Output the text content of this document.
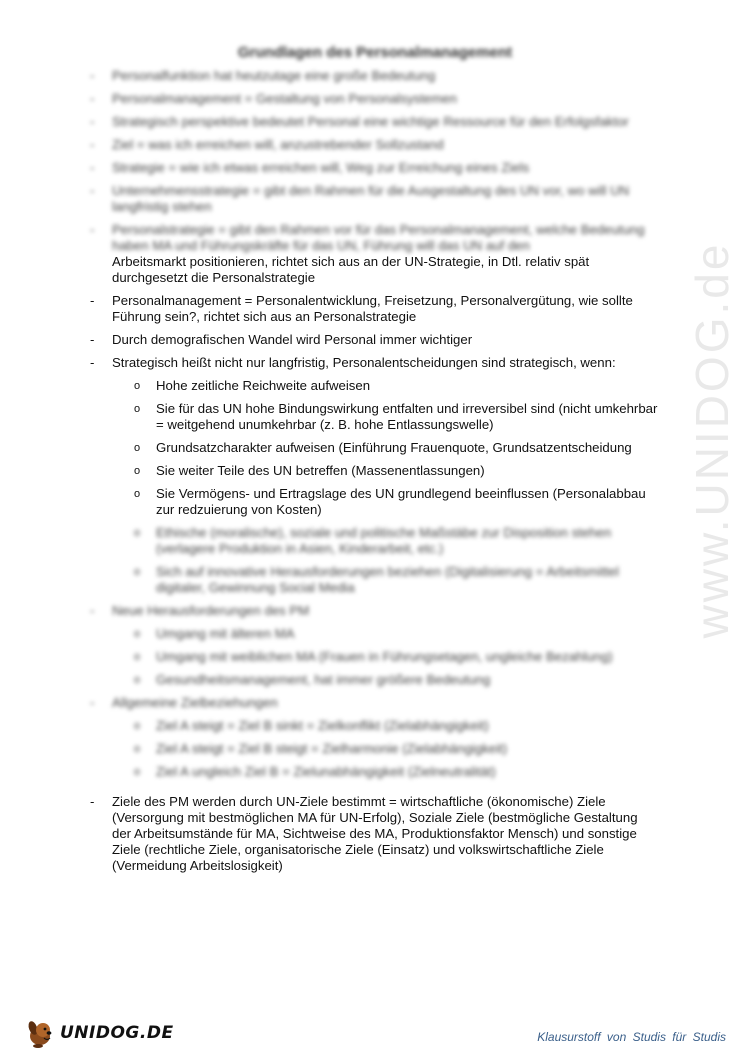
www.UNIDOG.de
Grundlagen des Personalmanagement
- Personalfunktion hat heutzutage eine große Bedeutung
- Personalmanagement = Gestaltung von Personalsystemen
- Strategisch perspektive bedeutet Personal eine wichtige Ressource für den Erfolgsfaktor
- Ziel = was ich erreichen will, anzustrebender Sollzustand
- Strategie = wie ich etwas erreichen will, Weg zur Erreichung eines Ziels
- Unternehmensstrategie = gibt den Rahmen für die Ausgestaltung des UN vor, wo will UN langfristig stehen
- Personalstrategie = gibt den Rahmen vor für das Personalmanagement, welche Bedeutung haben MA und Führungskräfte für das UN, Führung will das UN auf den
Arbeitsmarkt positionieren, richtet sich aus an der UN-Strategie, in Dtl. relativ spät durchgesetzt die Personalstrategie
- Personalmanagement = Personalentwicklung, Freisetzung, Personalvergütung, wie sollte Führung sein?, richtet sich aus an Personalstrategie
- Durch demografischen Wandel wird Personal immer wichtiger
- Strategisch heißt nicht nur langfristig, Personalentscheidungen sind strategisch, wenn:
o Hohe zeitliche Reichweite aufweisen
o Sie für das UN hohe Bindungswirkung entfalten und irreversibel sind (nicht umkehrbar = weitgehend unumkehrbar (z. B. hohe Entlassungswelle)
o Grundsatzcharakter aufweisen (Einführung Frauenquote, Grundsatzentscheidung
o Sie weiter Teile des UN betreffen (Massenentlassungen)
o Sie Vermögens- und Ertragslage des UN grundlegend beeinflussen (Personalabbau zur redzuierung von Kosten)
o Ethische (moralische), soziale und politische Maßstäbe zur Disposition stehen (verlagere Produktion in Asien, Kinderarbeit, etc.)
o Sich auf innovative Herausforderungen beziehen (Digitalisierung = Arbeitsmittel digitaler, Gewinnung Social Media
- Neue Herausforderungen des PM
o Umgang mit älteren MA
o Umgang mit weiblichen MA (Frauen in Führungsetagen, ungleiche Bezahlung)
o Gesundheitsmanagement, hat immer größere Bedeutung
- Allgemeine Zielbeziehungen
o Ziel A steigt = Ziel B sinkt = Zielkonflikt (Zielabhängigkeit)
o Ziel A steigt = Ziel B steigt = Zielharmonie (Zielabhängigkeit)
o Ziel A ungleich Ziel B = Zielunabhängigkeit (Zielneutralität)
- Ziele des PM werden durch UN-Ziele bestimmt = wirtschaftliche (ökonomische) Ziele (Versorgung mit bestmöglichen MA für UN-Erfolg), Soziale Ziele (bestmögliche Gestaltung der Arbeitsumstände für MA, Sichtweise des MA, Produktionsfaktor Mensch) und sonstige Ziele (rechtliche Ziele, organisatorische Ziele (Einsatz) und volkswirtschaftliche Ziele (Vermeidung Arbeitslosigkeit)
UNIDOG.DE	Klausurstoff von Studis für Studis
